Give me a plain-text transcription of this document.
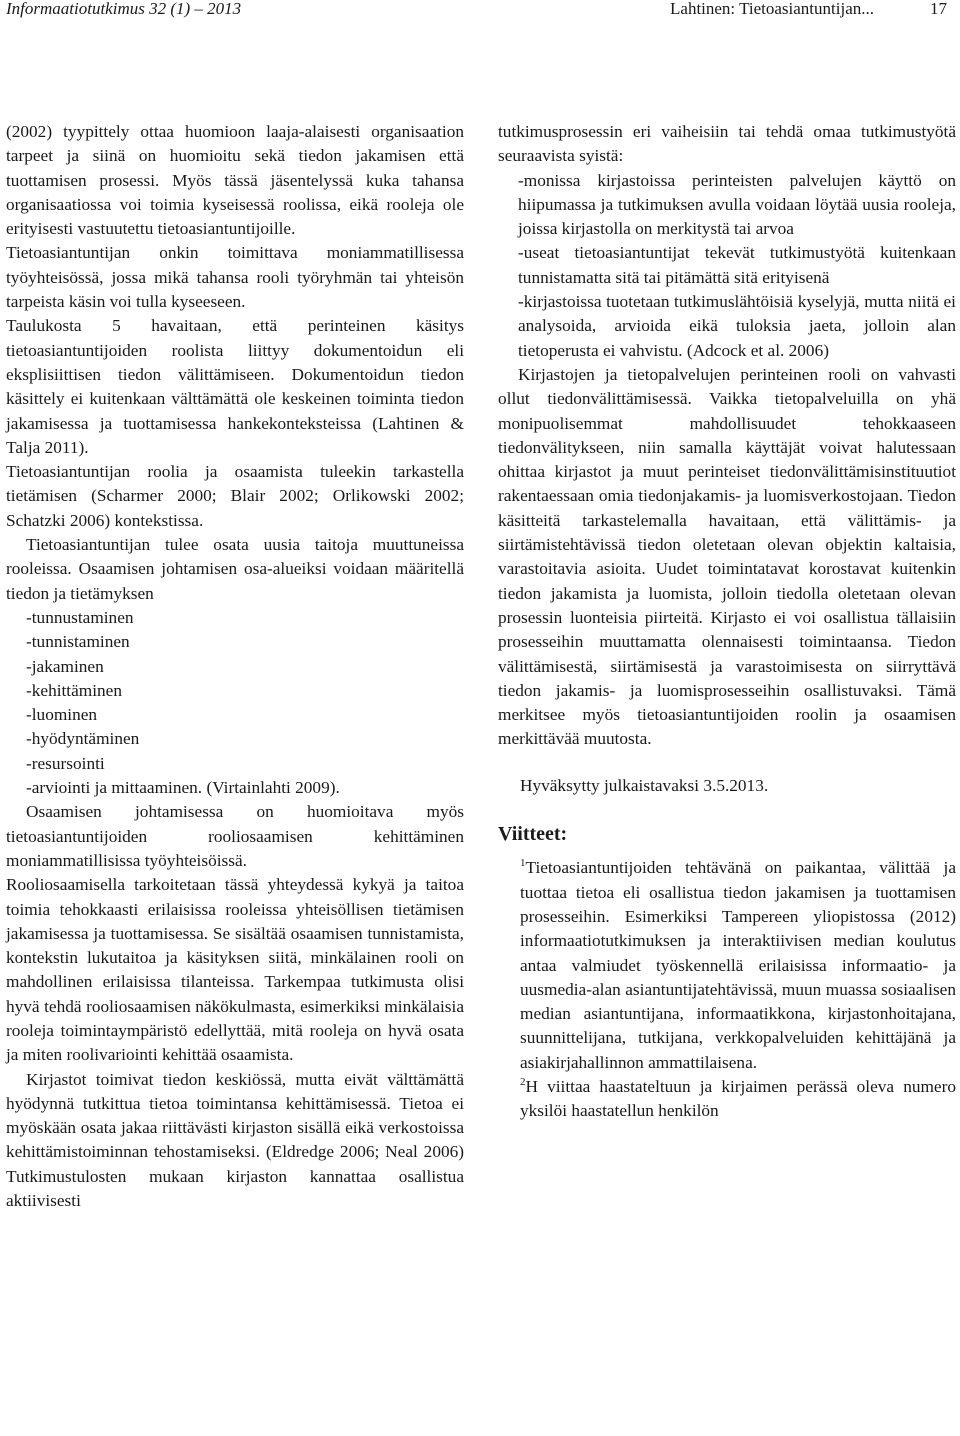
Informaatiotutkimus 32 (1) – 2013	Lahtinen: Tietoasiantuntijan...	17

(2002) tyypittely ottaa huomioon laaja-alaisesti organisaation tarpeet ja siinä on huomioitu sekä tiedon jakamisen että tuottamisen prosessi. Myös tässä jäsentelyssä kuka tahansa organisaatiossa voi toimia kyseisessä roolissa, eikä rooleja ole erityisesti vastuutettu tietoasiantuntijoille.

Tietoasiantuntijan onkin toimittava moniammatillisessa työyhteisössä, jossa mikä tahansa rooli työryhmän tai yhteisön tarpeista käsin voi tulla kyseeseen.

Taulukosta 5 havaitaan, että perinteinen käsitys tietoasiantuntijoiden roolista liittyy dokumentoidun eli eksplisiittisen tiedon välittämiseen. Dokumentoidun tiedon käsittely ei kuitenkaan välttämättä ole keskeinen toiminta tiedon jakamisessa ja tuottamisessa hankekonteksteissa (Lahtinen & Talja 2011).

Tietoasiantuntijan roolia ja osaamista tuleekin tarkastella tietämisen (Scharmer 2000; Blair 2002; Orlikowski 2002; Schatzki 2006) kontekstissa.

Tietoasiantuntijan tulee osata uusia taitoja muuttuneissa rooleissa. Osaamisen johtamisen osa-alueiksi voidaan määritellä tiedon ja tietämyksen

-tunnustaminen

-tunnistaminen

-jakaminen

-kehittäminen

-luominen

-hyödyntäminen

-resursointi

-arviointi ja mittaaminen. (Virtainlahti 2009).

Osaamisen johtamisessa on huomioitava myös tietoasiantuntijoiden rooliosaamisen kehittäminen moniammatillisissa työyhteisöissä.

Rooliosaamisella tarkoitetaan tässä yhteydessä kykyä ja taitoa toimia tehokkaasti erilaisissa rooleissa yhteisöllisen tietämisen jakamisessa ja tuottamisessa. Se sisältää osaamisen tunnistamista, kontekstin lukutaitoa ja käsityksen siitä, minkälainen rooli on mahdollinen erilaisissa tilanteissa. Tarkempaa tutkimusta olisi hyvä tehdä rooliosaamisen näkökulmasta, esimerkiksi minkälaisia rooleja toimintaympäristö edellyttää, mitä rooleja on hyvä osata ja miten roolivariointi kehittää osaamista.

Kirjastot toimivat tiedon keskiössä, mutta eivät välttämättä hyödynnä tutkittua tietoa toimintansa kehittämisessä. Tietoa ei myöskään osata jakaa riittävästi kirjaston sisällä eikä verkostoissa kehittämistoiminnan tehostamiseksi. (Eldredge 2006; Neal 2006) Tutkimustulosten mukaan kirjaston kannattaa osallistua aktiivisesti

tutkimusprosessin eri vaiheisiin tai tehdä omaa tutkimustyötä seuraavista syistä:

-monissa kirjastoissa perinteisten palvelujen käyttö on hiipumassa ja tutkimuksen avulla voidaan löytää uusia rooleja, joissa kirjastolla on merkitystä tai arvoa

-useat tietoasiantuntijat tekevät tutkimustyötä kuitenkaan tunnistamatta sitä tai pitämättä sitä erityisenä

-kirjastoissa tuotetaan tutkimuslähtöisiä kyselyjä, mutta niitä ei analysoida, arvioida eikä tuloksia jaeta, jolloin alan tietoperusta ei vahvistu. (Adcock et al. 2006)

Kirjastojen ja tietopalvelujen perinteinen rooli on vahvasti ollut tiedonvälittämisessä. Vaikka tietopalveluilla on yhä monipuolisemmat mahdollisuudet tehokkaaseen tiedonvälitykseen, niin samalla käyttäjät voivat halutessaan ohittaa kirjastot ja muut perinteiset tiedonvälittämisinstituutiot rakentaessaan omia tiedonjakamis- ja luomisverkostojaan. Tiedon käsitteitä tarkastelemalla havaitaan, että välittämis- ja siirtämistehtävissä tiedon oletetaan olevan objektin kaltaisia, varastoitavia asioita. Uudet toimintatavat korostavat kuitenkin tiedon jakamista ja luomista, jolloin tiedolla oletetaan olevan prosessin luonteisia piirteitä. Kirjasto ei voi osallistua tällaisiin prosesseihin muuttamatta olennaisesti toimintaansa. Tiedon välittämisestä, siirtämisestä ja varastoimisesta on siirryttävä tiedon jakamis- ja luomisprosesseihin osallistuvaksi. Tämä merkitsee myös tietoasiantuntijoiden roolin ja osaamisen merkittävää muutosta.

Hyväksytty julkaistavaksi 3.5.2013.

Viitteet:

$^1$Tietoasiantuntijoiden tehtävänä on paikantaa, välittää ja tuottaa tietoa eli osallistua tiedon jakamisen ja tuottamisen prosesseihin. Esimerkiksi Tampereen yliopistossa (2012) informaatiotutkimuksen ja interaktiivisen median koulutus antaa valmiudet työskennellä erilaisissa informaatio- ja uusmedia-alan asiantuntijatehtävissä, muun muassa sosiaalisen median asiantuntijana, informaatikkona, kirjastonhoitajana, suunnittelijana, tutkijana, verkkopalveluiden kehittäjänä ja asiakirjahallinnon ammattilaisena.

$^2$H viittaa haastateltuun ja kirjaimen perässä oleva numero yksilöi haastatellun henkilön
